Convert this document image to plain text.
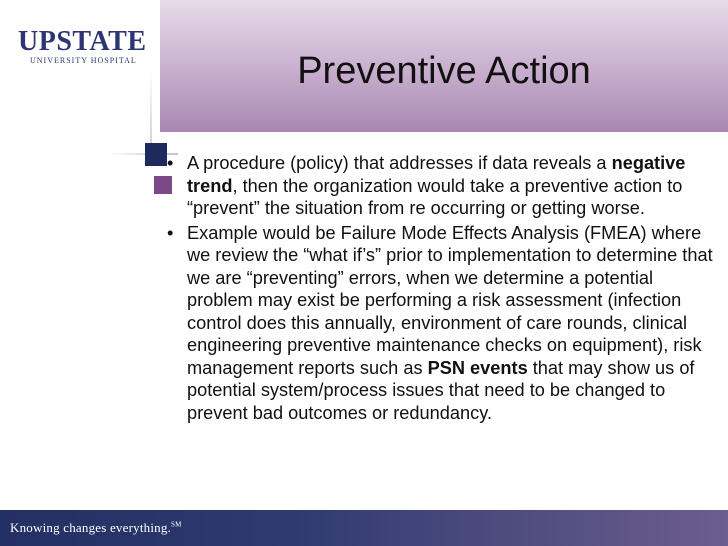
Preventive Action
UPSTATE
UNIVERSITY HOSPITAL
• A procedure (policy) that addresses if data reveals a negative trend, then the organization would take a preventive action to “prevent” the situation from re occurring or getting worse.
• Example would be Failure Mode Effects Analysis (FMEA) where we review the “what if’s” prior to implementation to determine that we are “preventing” errors, when we determine a potential problem may exist be performing a risk assessment (infection control does this annually, environment of care rounds, clinical engineering preventive maintenance checks on equipment), risk management reports such as PSN events that may show us of potential system/process issues that need to be changed to prevent bad outcomes or redundancy.
Knowing changes everything.℠
